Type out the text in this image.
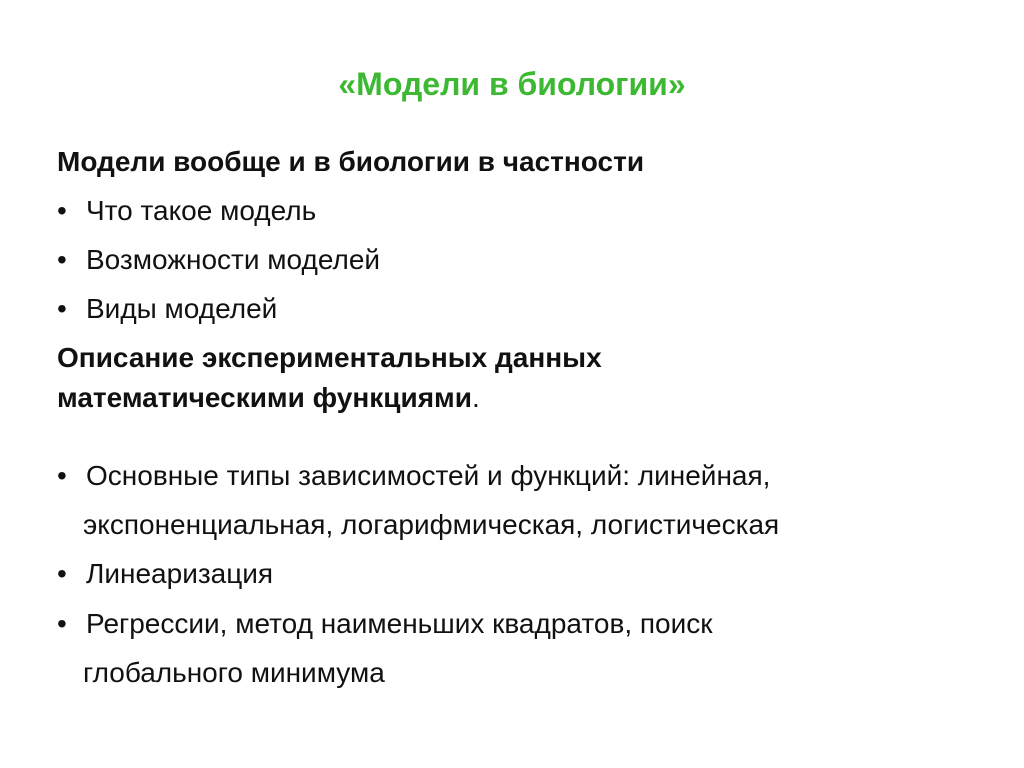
«Модели в биологии»
Модели вообще и в биологии в частности
• Что такое модель
• Возможности моделей
• Виды моделей
Описание экспериментальных данных
математическими функциями.
• Основные типы зависимостей и функций: линейная,
экспоненциальная, логарифмическая, логистическая
• Линеаризация
• Регрессии, метод наименьших квадратов, поиск
глобального минимума
